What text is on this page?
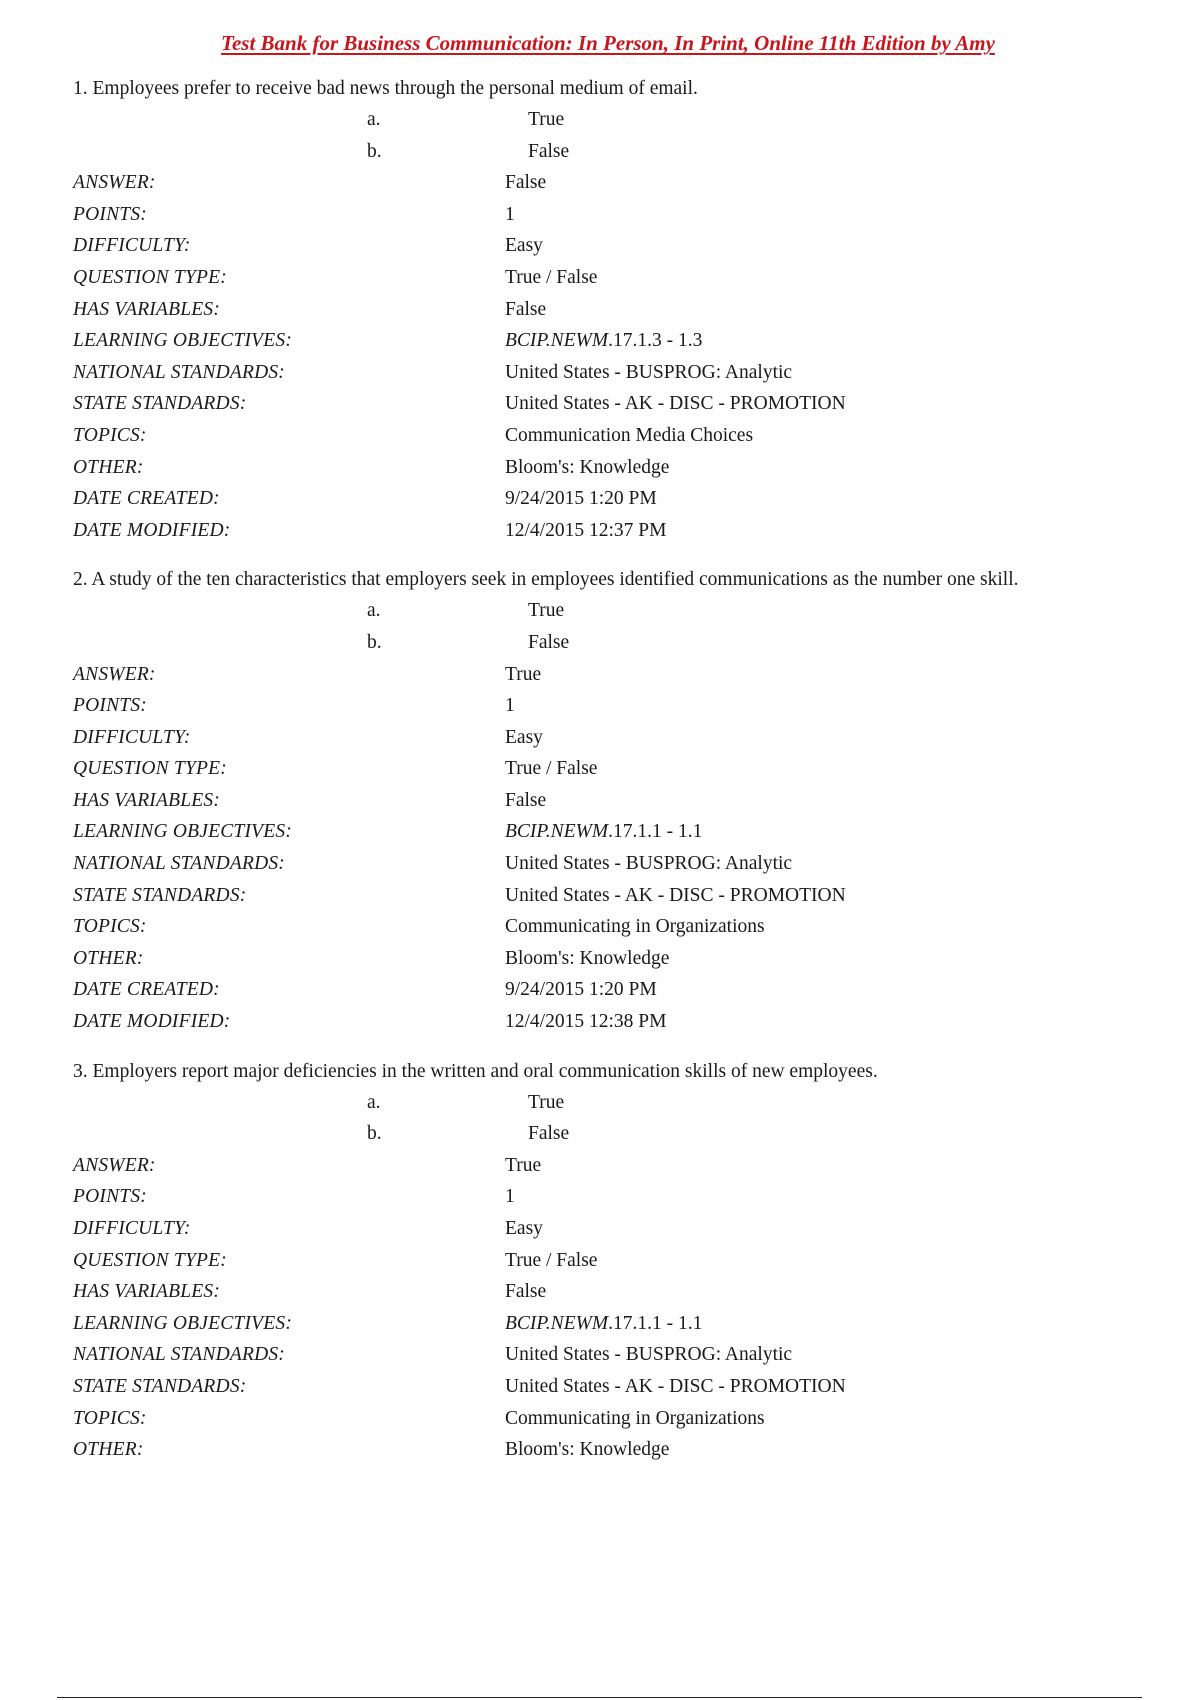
Test Bank for Business Communication: In Person, In Print, Online 11th Edition by Amy
1. Employees prefer to receive bad news through the personal medium of email.
a.	True
b.	False
ANSWER:	False
POINTS:	1
DIFFICULTY:	Easy
QUESTION TYPE:	True / False
HAS VARIABLES:	False
LEARNING OBJECTIVES:	BCIP.NEWM.17.1.3 - 1.3
NATIONAL STANDARDS:	United States - BUSPROG: Analytic
STATE STANDARDS:	United States - AK - DISC - PROMOTION
TOPICS:	Communication Media Choices
OTHER:	Bloom's: Knowledge
DATE CREATED:	9/24/2015 1:20 PM
DATE MODIFIED:	12/4/2015 12:37 PM
2. A study of the ten characteristics that employers seek in employees identified communications as the number one skill.
a.	True
b.	False
ANSWER:	True
POINTS:	1
DIFFICULTY:	Easy
QUESTION TYPE:	True / False
HAS VARIABLES:	False
LEARNING OBJECTIVES:	BCIP.NEWM.17.1.1 - 1.1
NATIONAL STANDARDS:	United States - BUSPROG: Analytic
STATE STANDARDS:	United States - AK - DISC - PROMOTION
TOPICS:	Communicating in Organizations
OTHER:	Bloom's: Knowledge
DATE CREATED:	9/24/2015 1:20 PM
DATE MODIFIED:	12/4/2015 12:38 PM
3. Employers report major deficiencies in the written and oral communication skills of new employees.
a.	True
b.	False
ANSWER:	True
POINTS:	1
DIFFICULTY:	Easy
QUESTION TYPE:	True / False
HAS VARIABLES:	False
LEARNING OBJECTIVES:	BCIP.NEWM.17.1.1 - 1.1
NATIONAL STANDARDS:	United States - BUSPROG: Analytic
STATE STANDARDS:	United States - AK - DISC - PROMOTION
TOPICS:	Communicating in Organizations
OTHER:	Bloom's: Knowledge
